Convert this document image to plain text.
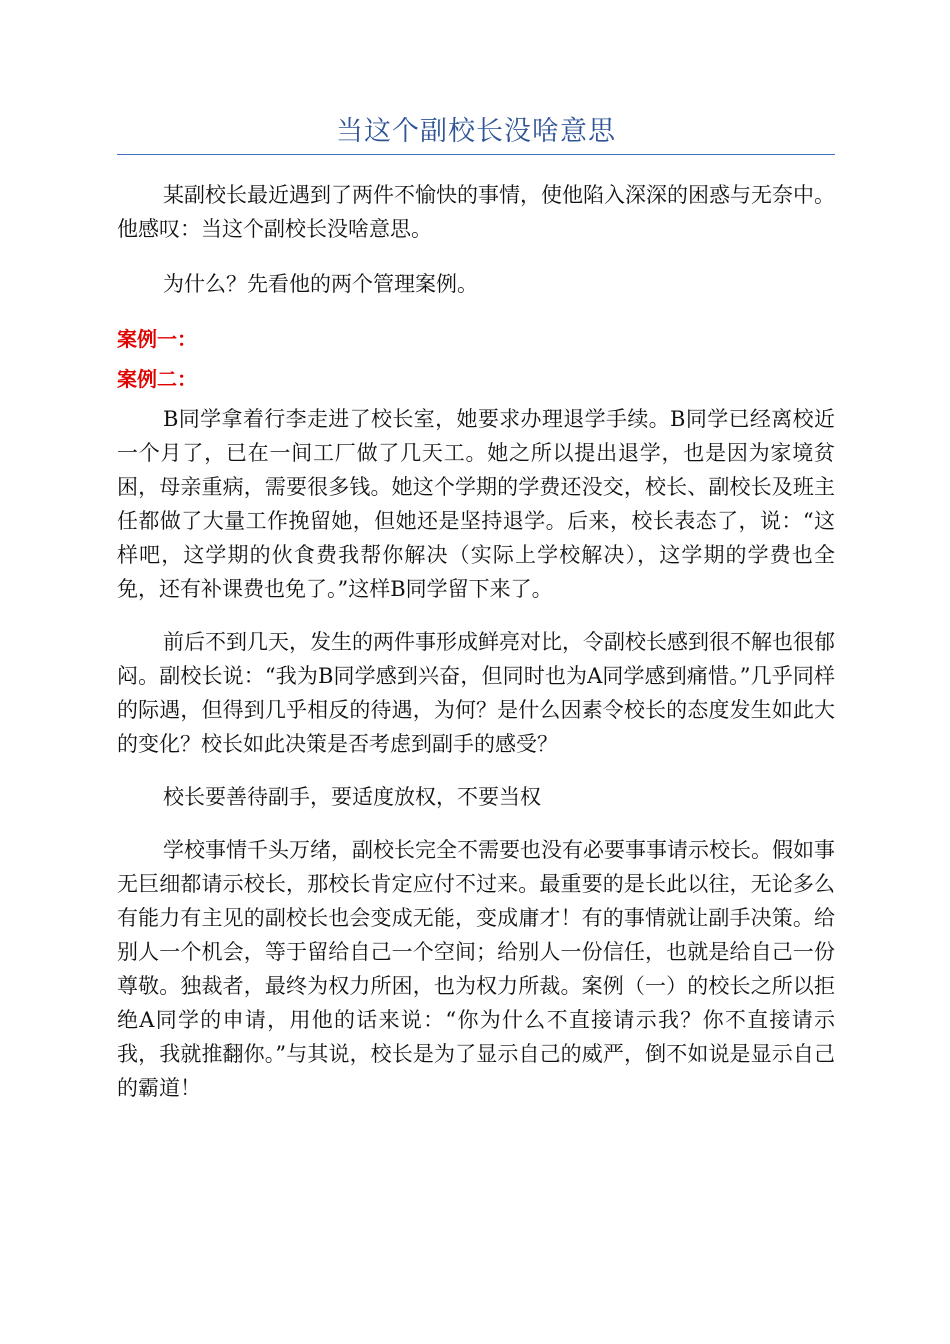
当这个副校长没啥意思

某副校长最近遇到了两件不愉快的事情，使他陷入深深的困惑与无奈中。他感叹：当这个副校长没啥意思。

为什么？先看他的两个管理案例。

案例一：

案例二：

B同学拿着行李走进了校长室，她要求办理退学手续。B同学已经离校近一个月了，已在一间工厂做了几天工。她之所以提出退学，也是因为家境贫困，母亲重病，需要很多钱。她这个学期的学费还没交，校长、副校长及班主任都做了大量工作挽留她，但她还是坚持退学。后来，校长表态了，说：“这样吧，这学期的伙食费我帮你解决（实际上学校解决），这学期的学费也全免，还有补课费也免了。”这样B同学留下来了。

前后不到几天，发生的两件事形成鲜亮对比，令副校长感到很不解也很郁闷。副校长说：“我为B同学感到兴奋，但同时也为A同学感到痛惜。”几乎同样的际遇，但得到几乎相反的待遇，为何？是什么因素令校长的态度发生如此大的变化？校长如此决策是否考虑到副手的感受？

校长要善待副手，要适度放权，不要当权

学校事情千头万绪，副校长完全不需要也没有必要事事请示校长。假如事无巨细都请示校长，那校长肯定应付不过来。最重要的是长此以往，无论多么有能力有主见的副校长也会变成无能，变成庸才！有的事情就让副手决策。给别人一个机会，等于留给自己一个空间；给别人一份信任，也就是给自己一份尊敬。独裁者，最终为权力所困，也为权力所裁。案例（一）的校长之所以拒绝A同学的申请，用他的话来说：“你为什么不直接请示我？你不直接请示我，我就推翻你。”与其说，校长是为了显示自己的威严，倒不如说是显示自己的霸道！
